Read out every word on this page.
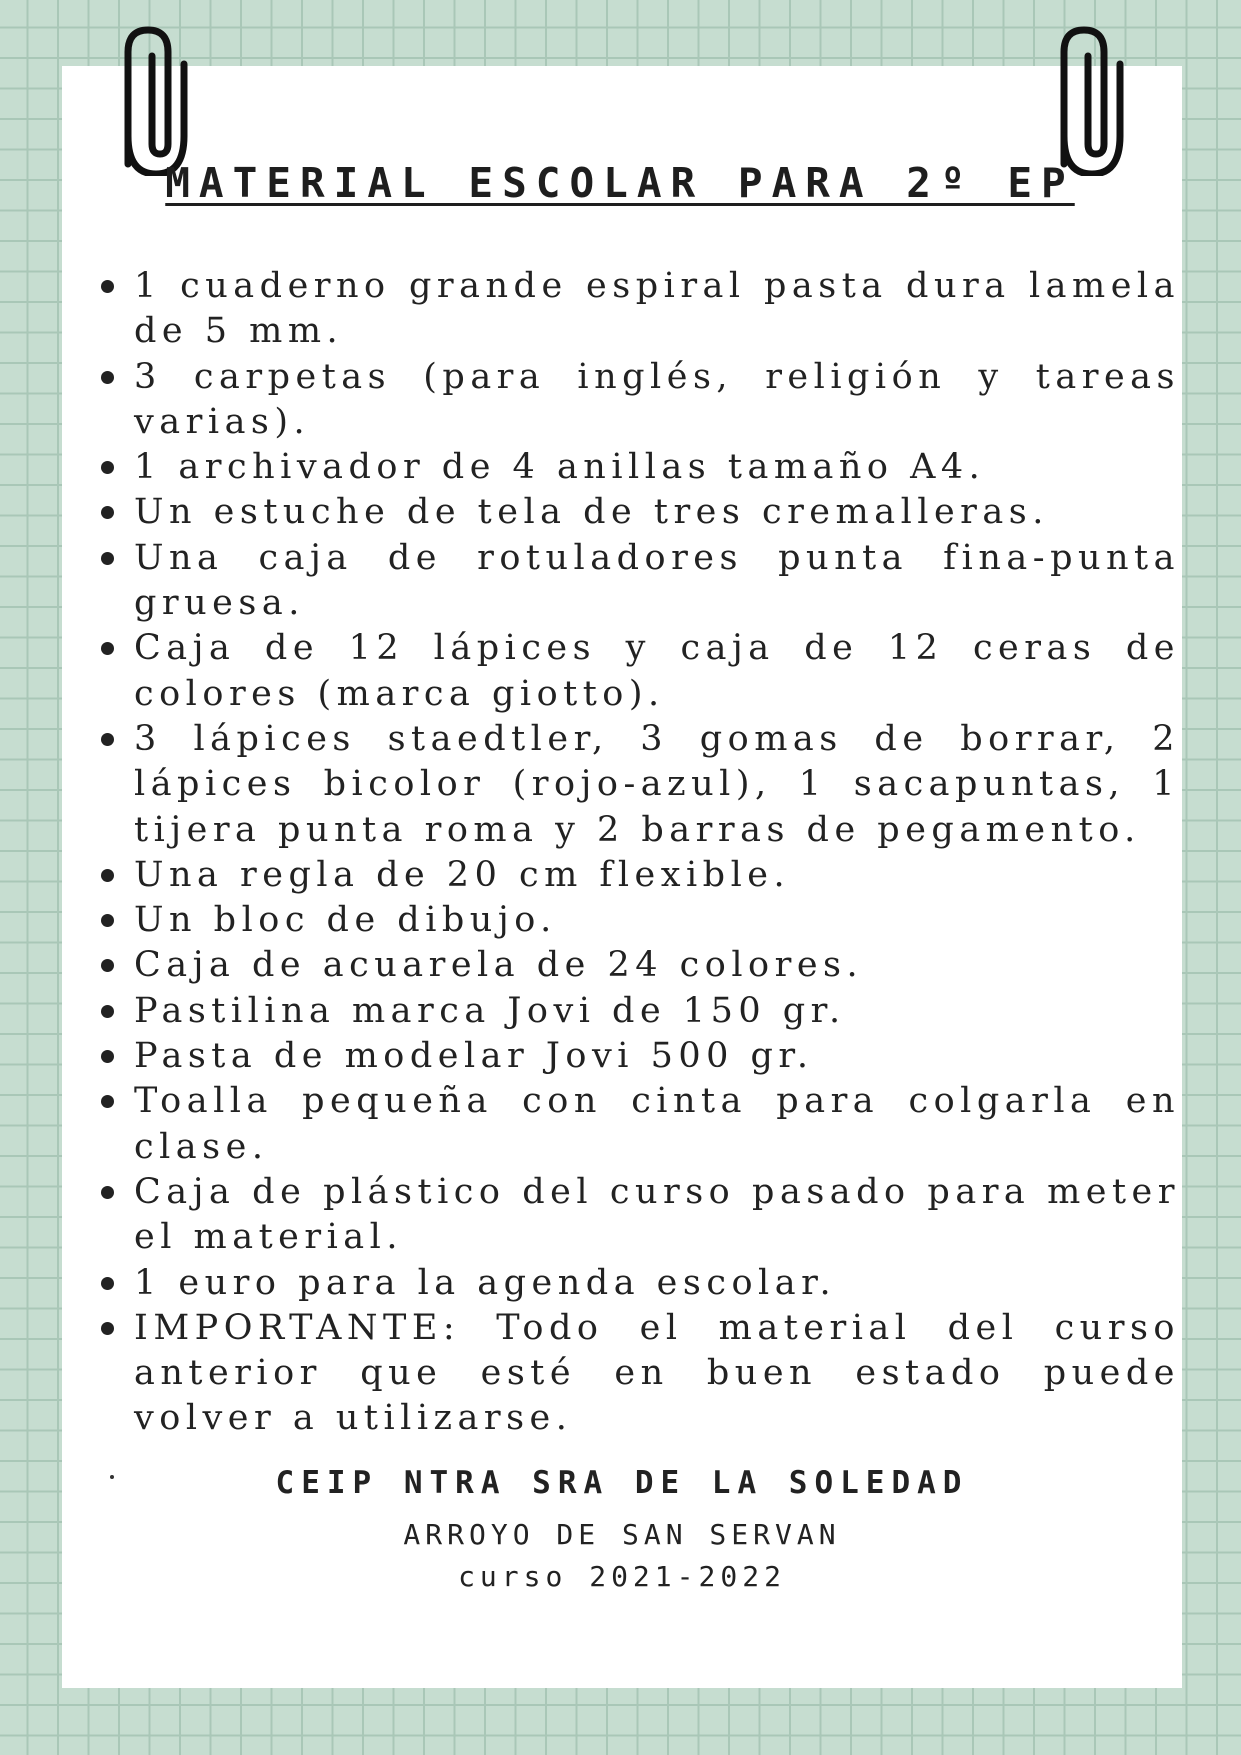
MATERIAL ESCOLAR PARA 2º EP
1 cuaderno grande espiral pasta dura lamela de 5 mm.
3 carpetas (para inglés, religión y tareas varias).
1 archivador de 4 anillas tamaño A4.
Un estuche de tela de tres cremalleras.
Una caja de rotuladores punta fina-punta gruesa.
Caja de 12 lápices y caja de 12 ceras de colores (marca giotto).
3 lápices staedtler, 3 gomas de borrar, 2 lápices bicolor (rojo-azul), 1 sacapuntas, 1 tijera punta roma y 2 barras de pegamento.
Una regla de 20 cm flexible.
Un bloc de dibujo.
Caja de acuarela de 24 colores.
Pastilina marca Jovi de 150 gr.
Pasta de modelar Jovi 500 gr.
Toalla pequeña con cinta para colgarla en clase.
Caja de plástico del curso pasado para meter el material.
1 euro para la agenda escolar.
IMPORTANTE: Todo el material del curso anterior que esté en buen estado puede volver a utilizarse.
CEIP NTRA SRA DE LA SOLEDAD
ARROYO DE SAN SERVAN
curso 2021-2022
